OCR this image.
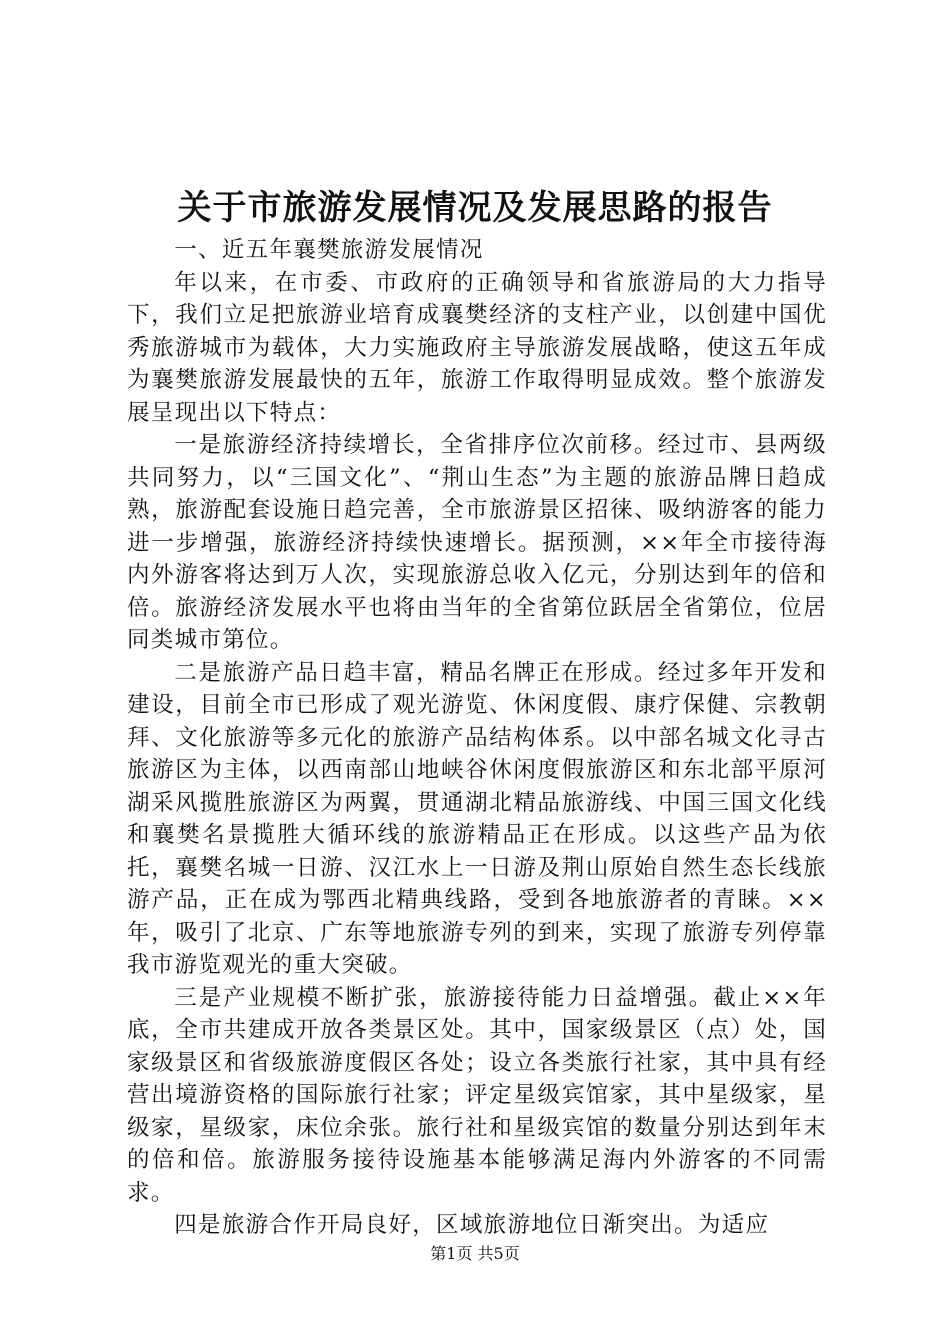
关于市旅游发展情况及发展思路的报告

一、近五年襄樊旅游发展情况

年以来，在市委、市政府的正确领导和省旅游局的大力指导下，我们立足把旅游业培育成襄樊经济的支柱产业，以创建中国优秀旅游城市为载体，大力实施政府主导旅游发展战略，使这五年成为襄樊旅游发展最快的五年，旅游工作取得明显成效。整个旅游发展呈现出以下特点：

一是旅游经济持续增长，全省排序位次前移。经过市、县两级共同努力，以“三国文化”、“荆山生态”为主题的旅游品牌日趋成熟，旅游配套设施日趋完善，全市旅游景区招徕、吸纳游客的能力进一步增强，旅游经济持续快速增长。据预测，××年全市接待海内外游客将达到万人次，实现旅游总收入亿元，分别达到年的倍和倍。旅游经济发展水平也将由当年的全省第位跃居全省第位，位居同类城市第位。

二是旅游产品日趋丰富，精品名牌正在形成。经过多年开发和建设，目前全市已形成了观光游览、休闲度假、康疗保健、宗教朝拜、文化旅游等多元化的旅游产品结构体系。以中部名城文化寻古旅游区为主体，以西南部山地峡谷休闲度假旅游区和东北部平原河湖采风揽胜旅游区为两翼，贯通湖北精品旅游线、中国三国文化线和襄樊名景揽胜大循环线的旅游精品正在形成。以这些产品为依托，襄樊名城一日游、汉江水上一日游及荆山原始自然生态长线旅游产品，正在成为鄂西北精典线路，受到各地旅游者的青睐。××年，吸引了北京、广东等地旅游专列的到来，实现了旅游专列停靠我市游览观光的重大突破。

三是产业规模不断扩张，旅游接待能力日益增强。截止××年底，全市共建成开放各类景区处。其中，国家级景区（点）处，国家级景区和省级旅游度假区各处；设立各类旅行社家，其中具有经营出境游资格的国际旅行社家；评定星级宾馆家，其中星级家，星级家，星级家，床位余张。旅行社和星级宾馆的数量分别达到年末的倍和倍。旅游服务接待设施基本能够满足海内外游客的不同需求。

四是旅游合作开局良好，区域旅游地位日渐突出。为适应

第1页 共5页
